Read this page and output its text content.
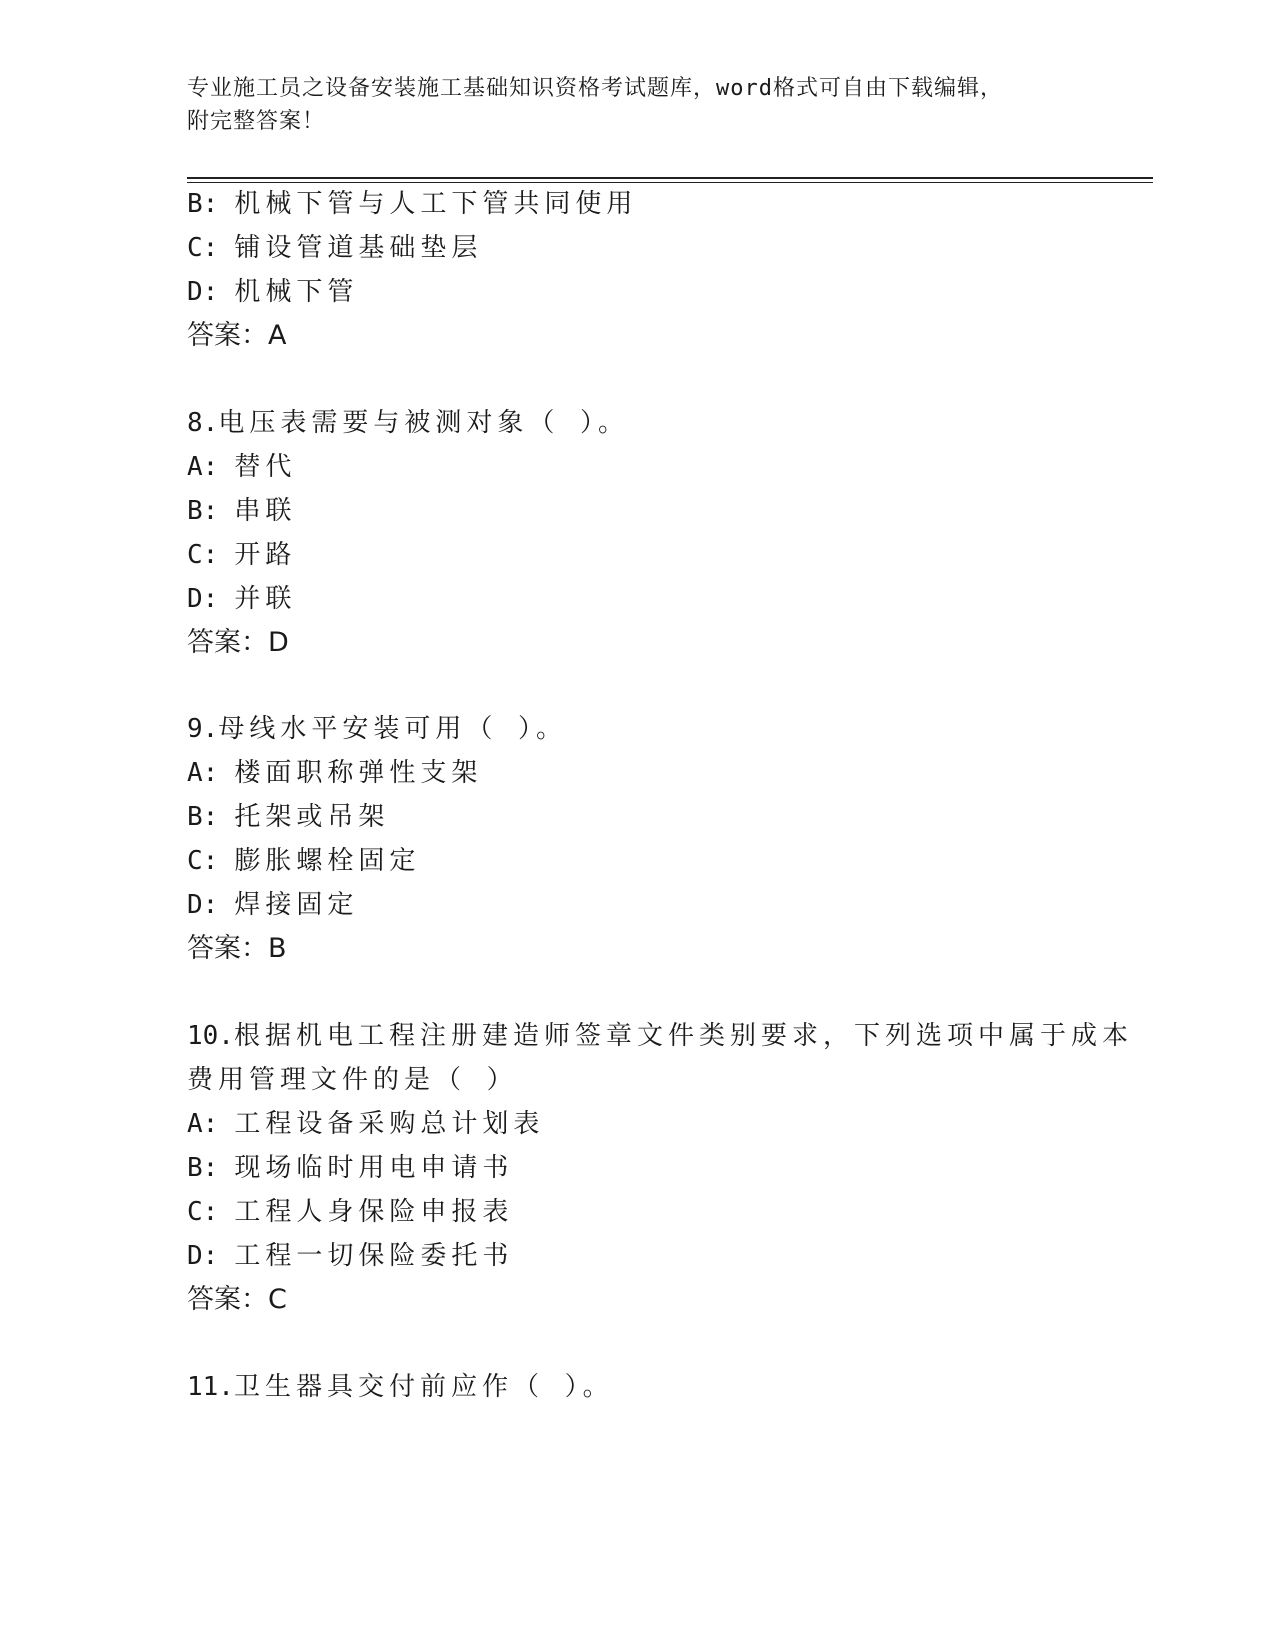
专业施工员之设备安装施工基础知识资格考试题库，word格式可自由下载编辑，
附完整答案！
B: 机械下管与人工下管共同使用
C: 铺设管道基础垫层
D: 机械下管
答案：A
8.电压表需要与被测对象（ ）。
A: 替代
B: 串联
C: 开路
D: 并联
答案：D
9.母线水平安装可用（ ）。
A: 楼面职称弹性支架
B: 托架或吊架
C: 膨胀螺栓固定
D: 焊接固定
答案：B
10.根据机电工程注册建造师签章文件类别要求，下列选项中属于成本
费用管理文件的是（ ）
A: 工程设备采购总计划表
B: 现场临时用电申请书
C: 工程人身保险申报表
D: 工程一切保险委托书
答案：C
11.卫生器具交付前应作（ ）。
